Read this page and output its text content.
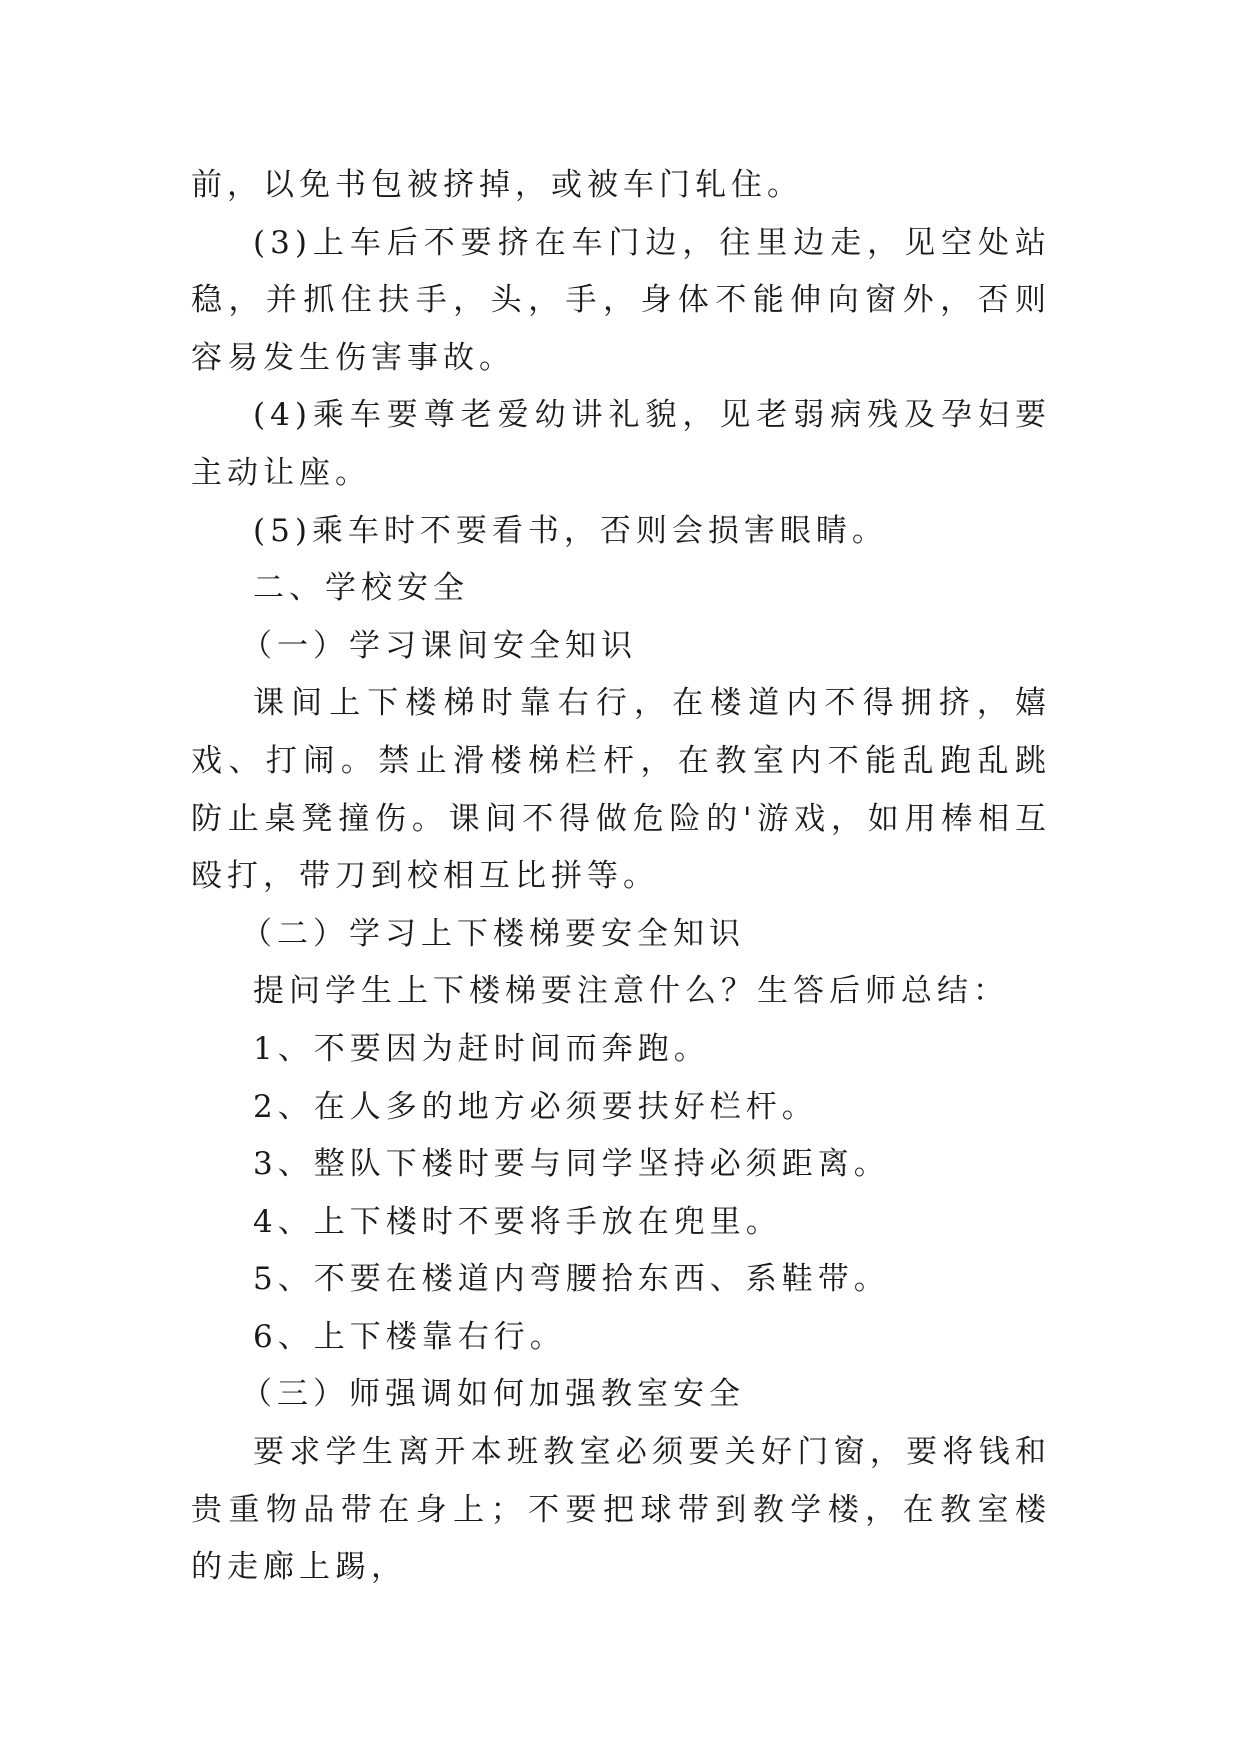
前，以免书包被挤掉，或被车门轧住。

(3)上车后不要挤在车门边，往里边走，见空处站稳，并抓住扶手，头，手，身体不能伸向窗外，否则容易发生伤害事故。

(4)乘车要尊老爱幼讲礼貌，见老弱病残及孕妇要主动让座。

(5)乘车时不要看书，否则会损害眼睛。

二、学校安全

（一）学习课间安全知识

课间上下楼梯时靠右行，在楼道内不得拥挤，嬉戏、打闹。禁止滑楼梯栏杆，在教室内不能乱跑乱跳防止桌凳撞伤。课间不得做危险的'游戏，如用棒相互殴打，带刀到校相互比拼等。

（二）学习上下楼梯要安全知识

提问学生上下楼梯要注意什么？生答后师总结：

1、不要因为赶时间而奔跑。

2、在人多的地方必须要扶好栏杆。

3、整队下楼时要与同学坚持必须距离。

4、上下楼时不要将手放在兜里。

5、不要在楼道内弯腰拾东西、系鞋带。

6、上下楼靠右行。

（三）师强调如何加强教室安全

要求学生离开本班教室必须要关好门窗，要将钱和贵重物品带在身上；不要把球带到教学楼，在教室楼的走廊上踢，
